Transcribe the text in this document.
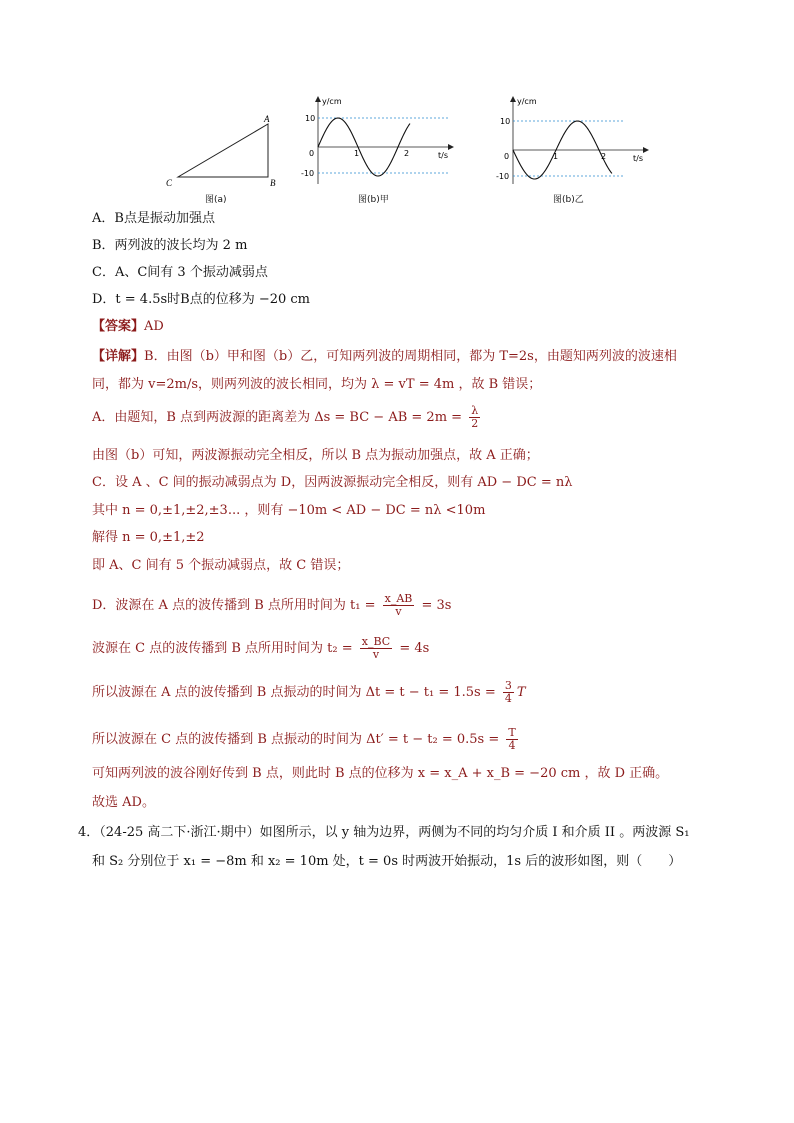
A
B
C
图(a)
y/cm
t/s
10
-10
0	1	2
图(b)甲
y/cm
t/s
10
-10
0	1	2
图(b)乙
A．B点是振动加强点
B．两列波的波长均为 2 m
C．A、C间有 3 个振动减弱点
D．t = 4.5s时B点的位移为 −20 cm
【答案】AD
【详解】B．由图（b）甲和图（b）乙，可知两列波的周期相同，都为 T=2s，由题知两列波的波速相
同，都为 v=2m/s，则两列波的波长相同，均为 λ = vT = 4m ，故 B 错误；
A．由题知，B 点到两波源的距离差为 Δs = BC − AB = $2m = \frac{\lambda}{2}$
由图（b）可知，两波源振动完全相反，所以 B 点为振动加强点，故 A 正确；
C．设 A 、C 间的振动减弱点为 D，因两波源振动完全相反，则有 AD − DC = nλ
其中 n = 0,±1,±2,±3... ，则有 −10m < AD − DC = nλ <10m
解得 n = 0,±1,±2
即 A、C 间有 5 个振动减弱点，故 C 错误；
D．波源在 A 点的波传播到 B 点所用时间为 $t_1 = \frac{x\_AB}{v} = 3s$
波源在 C 点的波传播到 B 点所用时间为 $t_2 = \frac{x\_BC}{v} = 4s$
所以波源在 A 点的波传播到 B 点振动的时间为 $\Delta t = t - t_1 = 1.5s = \frac{3}{4}$ T
所以波源在 C 点的波传播到 B 点振动的时间为 $\Delta t' = t - t_2 = 0.5s = \frac{T}{4}$
可知两列波的波谷刚好传到 B 点，则此时 B 点的位移为 x = x_A + x_B = −20 cm ，故 D 正确。
故选 AD。
4．（24-25 高二下·浙江·期中）如图所示，以 y 轴为边界，两侧为不同的均匀介质 I 和介质 II 。两波源 S₁
和 S₂ 分别位于 x₁ = −8m 和 x₂ = 10m 处，t = 0s 时两波开始振动，1s 后的波形如图，则（　　）
